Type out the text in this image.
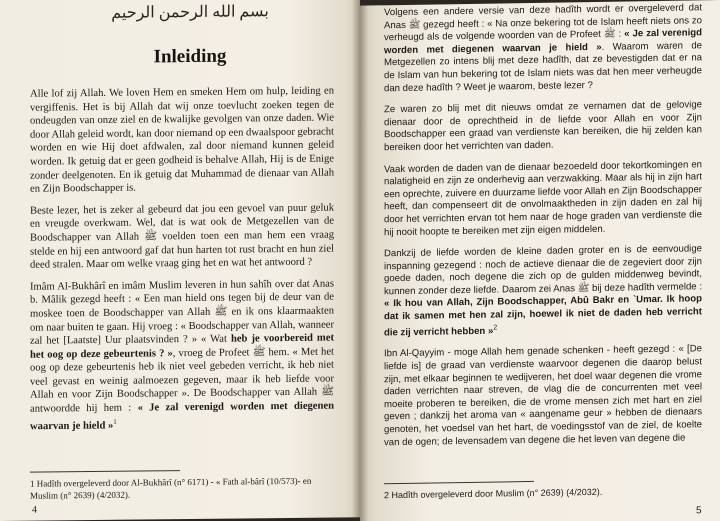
بسم الله الرحمن الرحيم
Inleiding

Alle lof zij Allah. We loven Hem en smeken Hem om hulp, leiding en vergiffenis. Het is bij Allah dat wij onze toevlucht zoeken tegen de ondeugden van onze ziel en de kwalijke gevolgen van onze daden. Wie door Allah geleid wordt, kan door niemand op een dwaalspoor gebracht worden en wie Hij doet afdwalen, zal door niemand kunnen geleid worden. Ik getuig dat er geen godheid is behalve Allah, Hij is de Enige zonder deelgenoten. En ik getuig dat Muhammad de dienaar van Allah en Zijn Boodschapper is.

Beste lezer, het is zeker al gebeurd dat jou een gevoel van puur geluk en vreugde overkwam. Wel, dat is wat ook de Metgezellen van de Boodschapper van Allah ﷺ voelden toen een man hem een vraag stelde en hij een antwoord gaf dat hun harten tot rust bracht en hun ziel deed stralen. Maar om welke vraag ging het en wat het antwoord ?

Imâm Al-Bukhârî en imâm Muslim leveren in hun sahîh over dat Anas b. Mâlik gezegd heeft : « Een man hield ons tegen bij de deur van de moskee toen de Boodschapper van Allah ﷺ en ik ons klaarmaakten om naar buiten te gaan. Hij vroeg : « Boodschapper van Allah, wanneer zal het [Laatste] Uur plaatsvinden ? » « Wat heb je voorbereid met het oog op deze gebeurtenis ? », vroeg de Profeet ﷺ hem. « Met het oog op deze gebeurtenis heb ik niet veel gebeden verricht, ik heb niet veel gevast en weinig aalmoezen gegeven, maar ik heb liefde voor Allah en voor Zijn Boodschapper ». De Boodschapper van Allah ﷺ antwoordde hij hem : « Je zal verenigd worden met diegenen waarvan je hield »$^1$

1 Hadîth overgeleverd door Al-Bukhârî (n° 6171) - « Fath al-bârî (10/573)- en Muslim (n° 2639) (4/2032).
4

Volgens een andere versie van deze hadîth wordt er overgeleverd dat Anas ﷺ gezegd heeft : « Na onze bekering tot de Islam heeft niets ons zo verheugd als de volgende woorden van de Profeet ﷺ : « Je zal verenigd worden met diegenen waarvan je hield ». Waarom waren de Metgezellen zo intens blij met deze hadîth, dat ze bevestigden dat er na de Islam van hun bekering tot de Islam niets was dat hen meer verheugde dan deze hadîth ? Weet je waarom, beste lezer ?

Ze waren zo blij met dit nieuws omdat ze vernamen dat de gelovige dienaar door de oprechtheid in de liefde voor Allah en voor Zijn Boodschapper een graad van verdienste kan bereiken, die hij zelden kan bereiken door het verrichten van daden.

Vaak worden de daden van de dienaar bezoedeld door tekortkomingen en nalatigheid en zijn ze onderhevig aan verzwakking. Maar als hij in zijn hart een oprechte, zuivere en duurzame liefde voor Allah en Zijn Boodschapper heeft, dan compenseert dit de onvolmaaktheden in zijn daden en zal hij door het verrichten ervan tot hem naar de hoge graden van verdienste die hij nooit hoopte te bereiken met zijn eigen middelen.

Dankzij de liefde worden de kleine daden groter en is de eenvoudige inspanning gezegend : noch de actieve dienaar die de zegeviert door zijn goede daden, noch degene die zich op de gulden middenweg bevindt, kunnen zonder deze liefde. Daarom zei Anas ﷺ bij deze hadîth vermelde : « Ik hou van Allah, Zijn Boodschapper, Abû Bakr en `Umar. Ik hoop dat ik samen met hen zal zijn, hoewel ik niet de daden heb verricht die zij verricht hebben »$^2$

Ibn Al-Qayyim - moge Allah hem genade schenken - heeft gezegd : « [De liefde is] de graad van verdienste waarvoor degenen die daarop belust zijn, met elkaar beginnen te wedijveren, het doel waar degenen die vrome daden verrichten naar streven, de vlag die de concurrenten met veel moeite proberen te bereiken, die de vrome mensen zich met hart en ziel geven ; dankzij het aroma van « aangename geur » hebben de dienaars genoten, het voedsel van het hart, de voedingsstof van de ziel, de koelte van de ogen; de levensadem van degene die het leven van degene die

2 Hadîth overgeleverd door Muslim (n° 2639) (4/2032).
5
